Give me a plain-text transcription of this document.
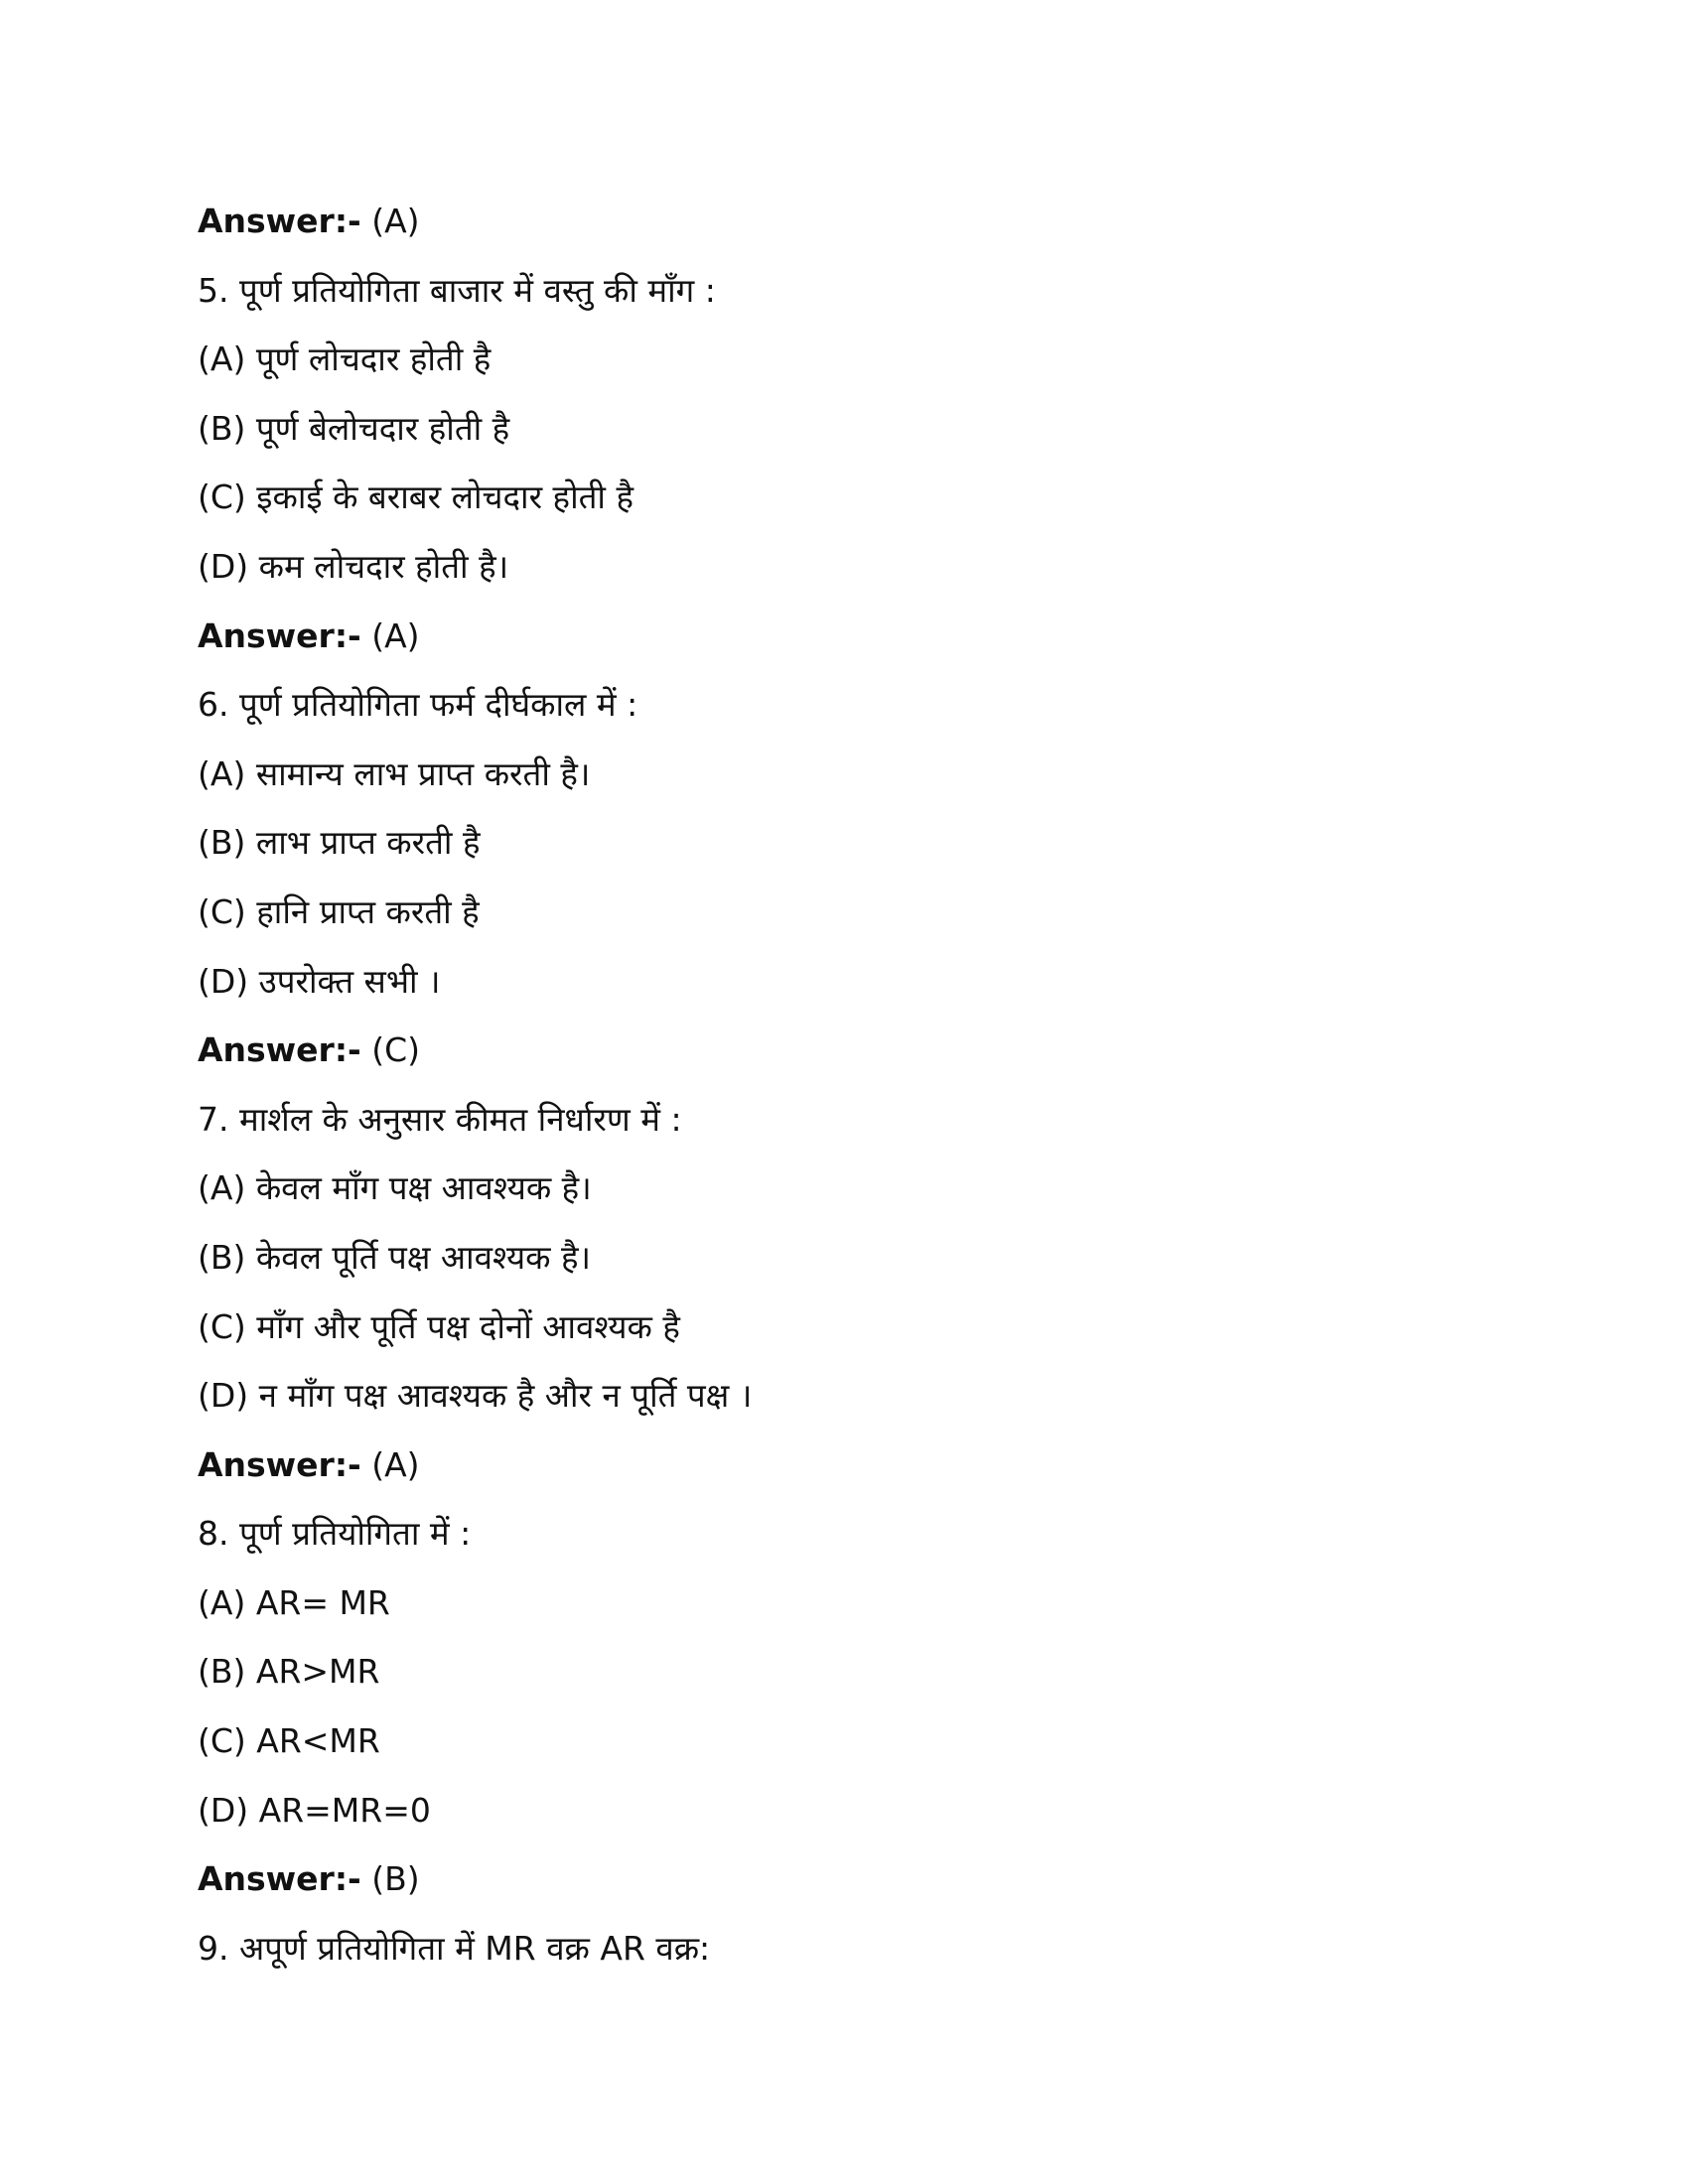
Answer:- (A)
5. पूर्ण प्रतियोगिता बाजार में वस्तु की माँग :
(A) पूर्ण लोचदार होती है
(B) पूर्ण बेलोचदार होती है
(C) इकाई के बराबर लोचदार होती है
(D) कम लोचदार होती है।
Answer:- (A)
6. पूर्ण प्रतियोगिता फर्म दीर्घकाल में :
(A) सामान्य लाभ प्राप्त करती है।
(B) लाभ प्राप्त करती है
(C) हानि प्राप्त करती है
(D) उपरोक्त सभी ।
Answer:- (C)
7. मार्शल के अनुसार कीमत निर्धारण में :
(A) केवल माँग पक्ष आवश्यक है।
(B) केवल पूर्ति पक्ष आवश्यक है।
(C) माँग और पूर्ति पक्ष दोनों आवश्यक है
(D) न माँग पक्ष आवश्यक है और न पूर्ति पक्ष ।
Answer:- (A)
8. पूर्ण प्रतियोगिता में :
(A) AR= MR
(B) AR>MR
(C) AR<MR
(D) AR=MR=0
Answer:- (B)
9. अपूर्ण प्रतियोगिता में MR वक्र AR वक्र:
